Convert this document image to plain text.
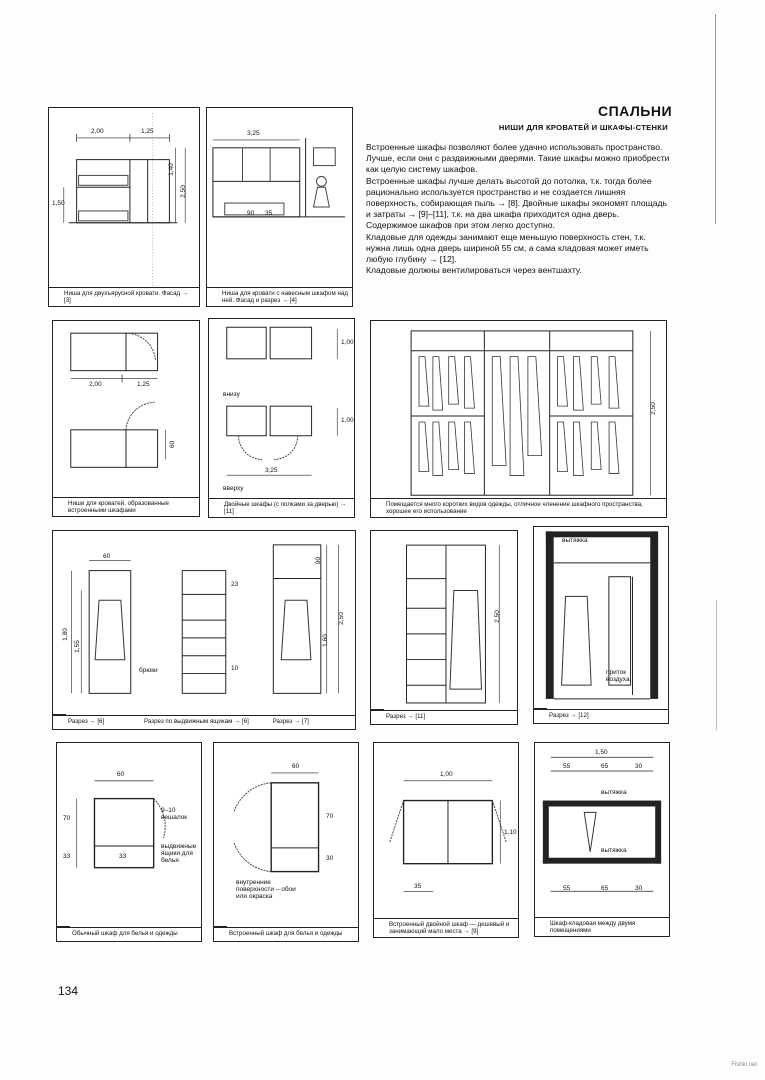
СПАЛЬНИ
НИШИ ДЛЯ КРОВАТЕЙ И ШКАФЫ-СТЕНКИ

Встроенные шкафы позволяют более удачно использовать пространство. Лучше, если они с раздвижными дверями. Такие шкафы можно приобрести как целую систему шкафов.

Встроенные шкафы лучше делать высотой до потолка, т.к. тогда более рационально используется пространство и не создается лишняя поверхность, собирающая пыль → [8]. Двойные шкафы экономят площадь и затраты → [9]–[11], т.к. на два шкафа приходится одна дверь. Содержимое шкафов при этом легко доступно.

Кладовые для одежды занимают еще меньшую поверхность стен, т.к. нужна лишь одна дверь шириной 55 см, а сама кладовая может иметь любую глубину → [12].

Кладовые должны вентилироваться через вентшахту.

2,00	1,25
1,40
2,50
1,50
Ниша для двухъярусной кровати. Фасад → [3]
3,25
90 35
Ниша для кровати с навесным шкафом над ней. Фасад и разрез → [4]
2,00	1,25
60
Ниши для кроватей, образованные встроенными шкафами
1,00
1,00
3,25
внизу
вверху
Двойные шкафы (с полками за дверью) → [11]
2,50
Помещается много коротких видов одежды, отличное членение шкафного пространства, хорошее его использование
60
1,80
1,55
23
10
90
2,50
1,60
брюки
Разрез → [6]	Разрез по выдвижным ящикам → [6]	Разрез → [7]
2,50
Разрез → [11]
вытяжка
приток воздуха
Разрез → [12]
60
70
33	33
9–10 вешалок
выдвижные ящики для белья
Обычный шкаф для белья и одежды
60
70
30
внутренние поверхности – обои или окраска
Встроенный шкаф для белья и одежды
1,00
1,10
35
Встроенный двойной шкаф — дешевый и занимающий мало места → [9]
1,50
55	65	30
55	65	30
вытяжка
вытяжка
Шкаф-кладовая между двумя помещениями
134
Fishki.net
